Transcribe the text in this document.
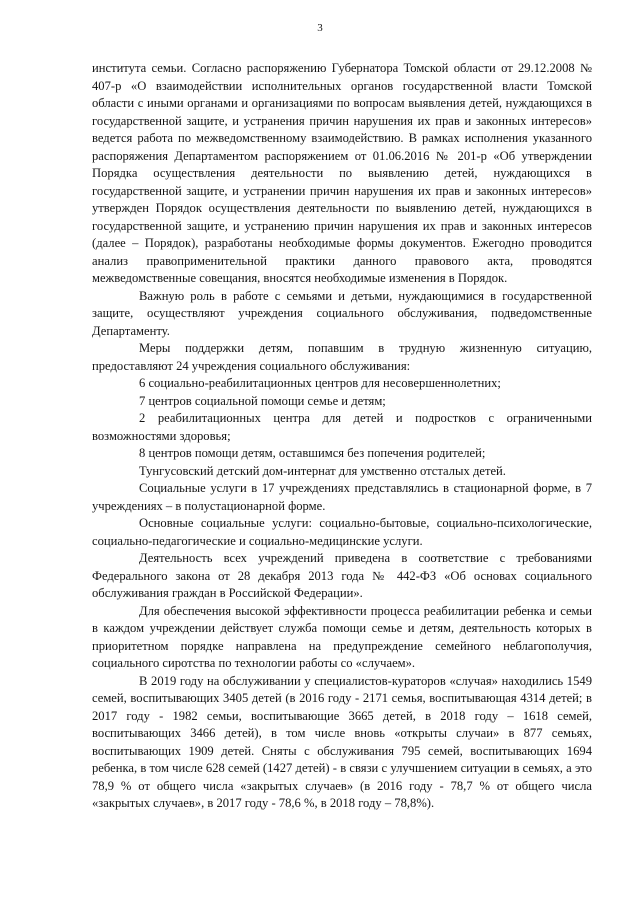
3

института семьи. Согласно распоряжению Губернатора Томской области от 29.12.2008 № 407-р «О взаимодействии исполнительных органов государственной власти Томской области с иными органами и организациями по вопросам выявления детей, нуждающихся в государственной защите, и устранения причин нарушения их прав и законных интересов» ведется работа по межведомственному взаимодействию. В рамках исполнения указанного распоряжения Департаментом распоряжением от 01.06.2016 № 201-р «Об утверждении Порядка осуществления деятельности по выявлению детей, нуждающихся в государственной защите, и устранении причин нарушения их прав и законных интересов» утвержден Порядок осуществления деятельности по выявлению детей, нуждающихся в государственной защите, и устранению причин нарушения их прав и законных интересов (далее – Порядок), разработаны необходимые формы документов. Ежегодно проводится анализ правоприменительной практики данного правового акта, проводятся межведомственные совещания, вносятся необходимые изменения в Порядок.

Важную роль в работе с семьями и детьми, нуждающимися в государственной защите, осуществляют учреждения социального обслуживания, подведомственные Департаменту.

Меры поддержки детям, попавшим в трудную жизненную ситуацию, предоставляют 24 учреждения социального обслуживания:

6 социально-реабилитационных центров для несовершеннолетних;

7 центров социальной помощи семье и детям;

2 реабилитационных центра для детей и подростков с ограниченными возможностями здоровья;

8 центров помощи детям, оставшимся без попечения родителей;

Тунгусовский детский дом-интернат для умственно отсталых детей.

Социальные услуги в 17 учреждениях представлялись в стационарной форме, в 7 учреждениях – в полустационарной форме.

Основные социальные услуги: социально-бытовые, социально-психологические, социально-педагогические и социально-медицинские услуги.

Деятельность всех учреждений приведена в соответствие с требованиями Федерального закона от 28 декабря 2013 года № 442-ФЗ «Об основах социального обслуживания граждан в Российской Федерации».

Для обеспечения высокой эффективности процесса реабилитации ребенка и семьи в каждом учреждении действует служба помощи семье и детям, деятельность которых в приоритетном порядке направлена на предупреждение семейного неблагополучия, социального сиротства по технологии работы со «случаем».

В 2019 году на обслуживании у специалистов-кураторов «случая» находились 1549 семей, воспитывающих 3405 детей (в 2016 году - 2171 семья, воспитывающая 4314 детей; в 2017 году - 1982 семьи, воспитывающие 3665 детей, в 2018 году – 1618 семей, воспитывающих 3466 детей), в том числе вновь «открыты случаи» в 877 семьях, воспитывающих 1909 детей. Сняты с обслуживания 795 семей, воспитывающих 1694 ребенка, в том числе 628 семей (1427 детей) - в связи с улучшением ситуации в семьях, а это 78,9 % от общего числа «закрытых случаев» (в 2016 году - 78,7 % от общего числа «закрытых случаев», в 2017 году - 78,6 %, в 2018 году – 78,8%).
